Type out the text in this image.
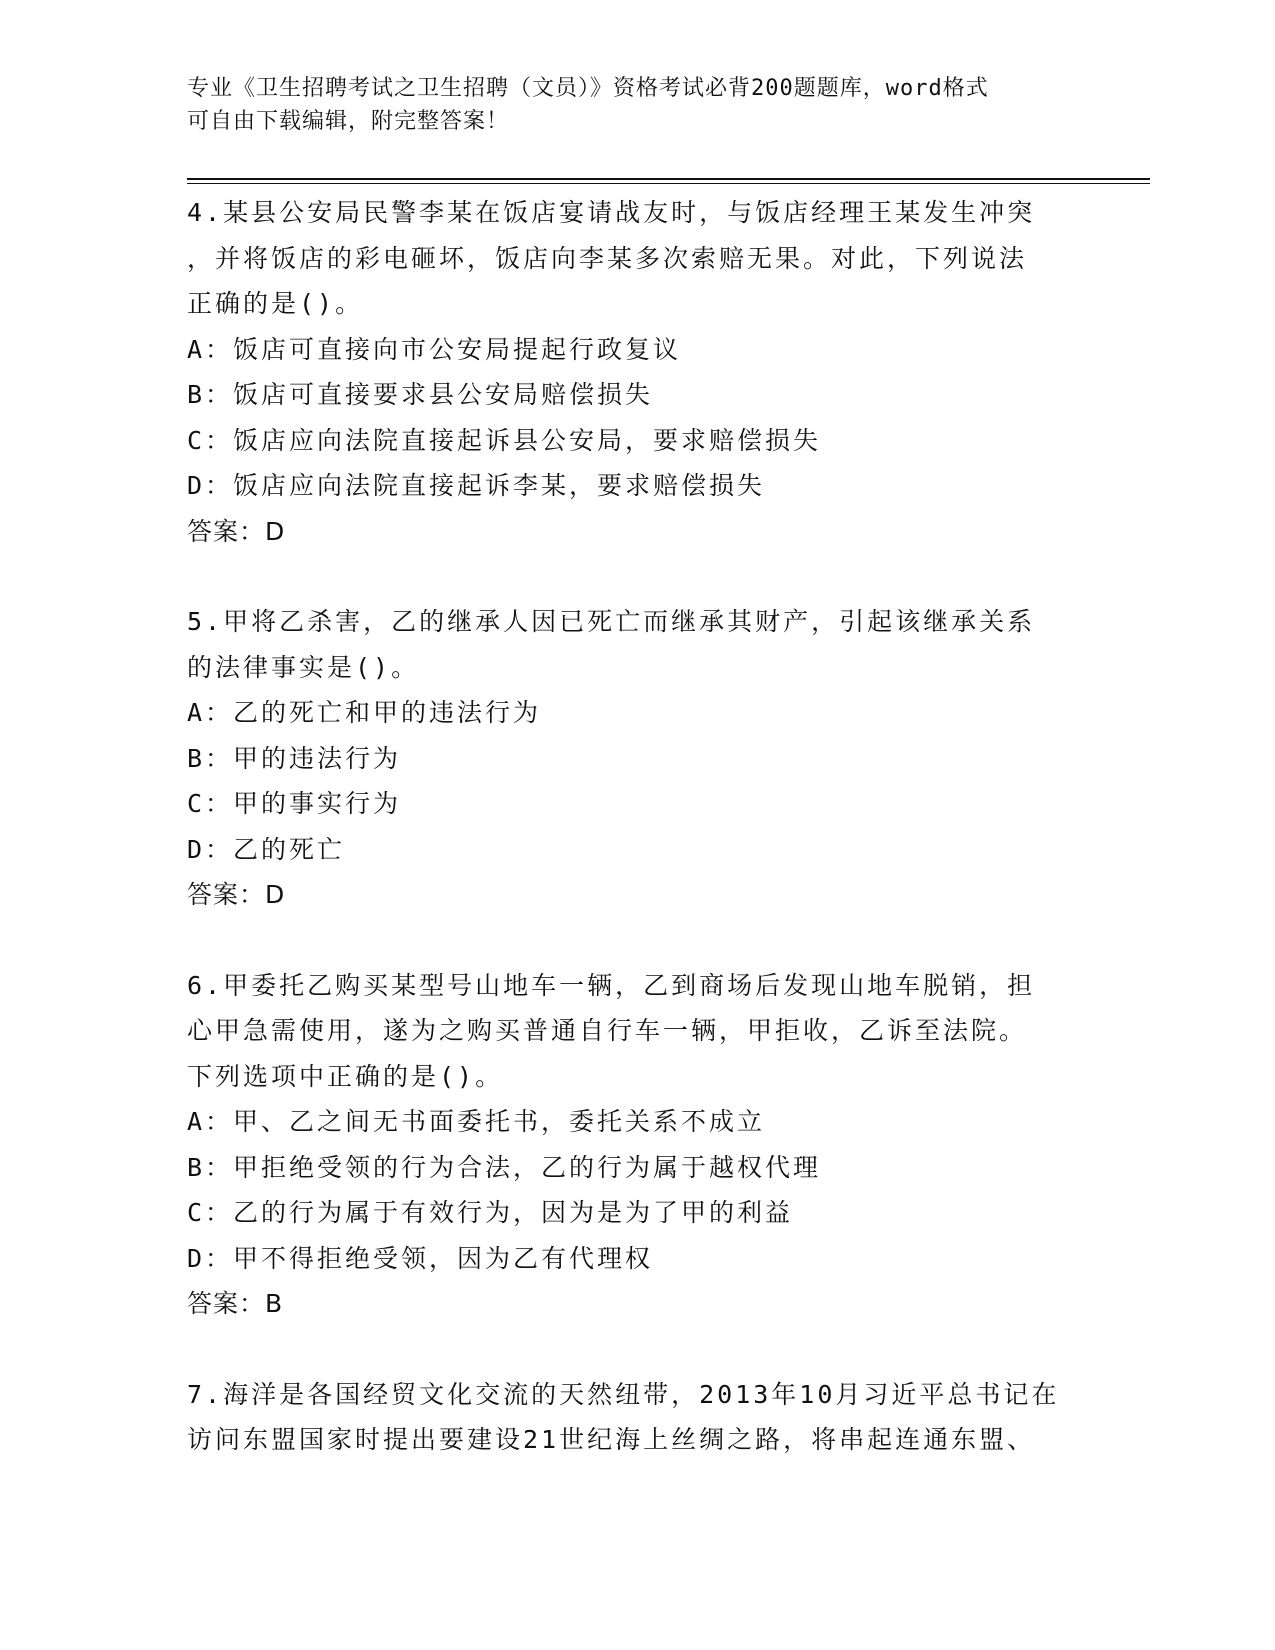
专业《卫生招聘考试之卫生招聘（文员）》资格考试必背200题题库，word格式
可自由下载编辑，附完整答案！
4.某县公安局民警李某在饭店宴请战友时，与饭店经理王某发生冲突
，并将饭店的彩电砸坏，饭店向李某多次索赔无果。对此，下列说法
正确的是()。
A：饭店可直接向市公安局提起行政复议
B：饭店可直接要求县公安局赔偿损失
C：饭店应向法院直接起诉县公安局，要求赔偿损失
D：饭店应向法院直接起诉李某，要求赔偿损失
答案：D
5.甲将乙杀害，乙的继承人因已死亡而继承其财产，引起该继承关系
的法律事实是()。
A：乙的死亡和甲的违法行为
B：甲的违法行为
C：甲的事实行为
D：乙的死亡
答案：D
6.甲委托乙购买某型号山地车一辆，乙到商场后发现山地车脱销，担
心甲急需使用，遂为之购买普通自行车一辆，甲拒收，乙诉至法院。
下列选项中正确的是()。
A：甲、乙之间无书面委托书，委托关系不成立
B：甲拒绝受领的行为合法，乙的行为属于越权代理
C：乙的行为属于有效行为，因为是为了甲的利益
D：甲不得拒绝受领，因为乙有代理权
答案：B
7.海洋是各国经贸文化交流的天然纽带，2013年10月习近平总书记在
访问东盟国家时提出要建设21世纪海上丝绸之路，将串起连通东盟、
